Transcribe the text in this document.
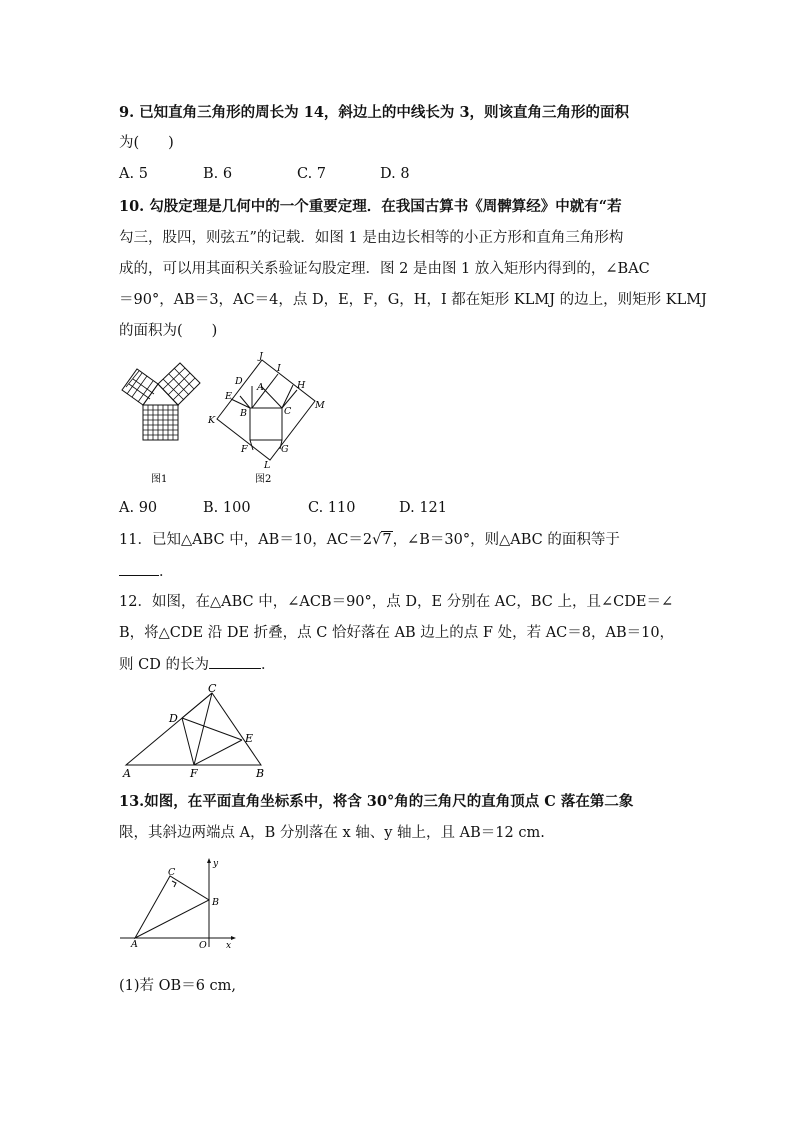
9. 已知直角三角形的周长为 14，斜边上的中线长为 3，则该直角三角形的面积
为(　　)
A. 5	B. 6	C. 7	D. 8
10. 勾股定理是几何中的一个重要定理．在我国古算书《周髀算经》中就有“若
勾三，股四，则弦五”的记载．如图 1 是由边长相等的小正方形和直角三角形构
成的，可以用其面积关系验证勾股定理．图 2 是由图 1 放入矩形内得到的，∠BAC
＝90°，AB＝3，AC＝4，点 D，E，F，G，H，I 都在矩形 KLMJ 的边上，则矩形 KLMJ
的面积为(　　)
图1
J
I
D
A	H
E
M
B	C
K
F	G
L
图2
A. 90	B. 100	C. 110	D. 121
11．已知△ABC 中，AB＝10，AC＝2√7，∠B＝30°，则△ABC 的面积等于
．
12．如图，在△ABC 中，∠ACB＝90°，点 D，E 分别在 AC，BC 上，且∠CDE＝∠
B，将△CDE 沿 DE 折叠，点 C 恰好落在 AB 边上的点 F 处，若 AC＝8，AB＝10，
则 CD 的长为	．
C
D
E
A	F	B
13.如图，在平面直角坐标系中，将含 30°角的三角尺的直角顶点 C 落在第二象
限，其斜边两端点 A，B 分别落在 x 轴、y 轴上，且 AB＝12 cm.
y
C
B
A	O x
(1)若 OB＝6 cm,
